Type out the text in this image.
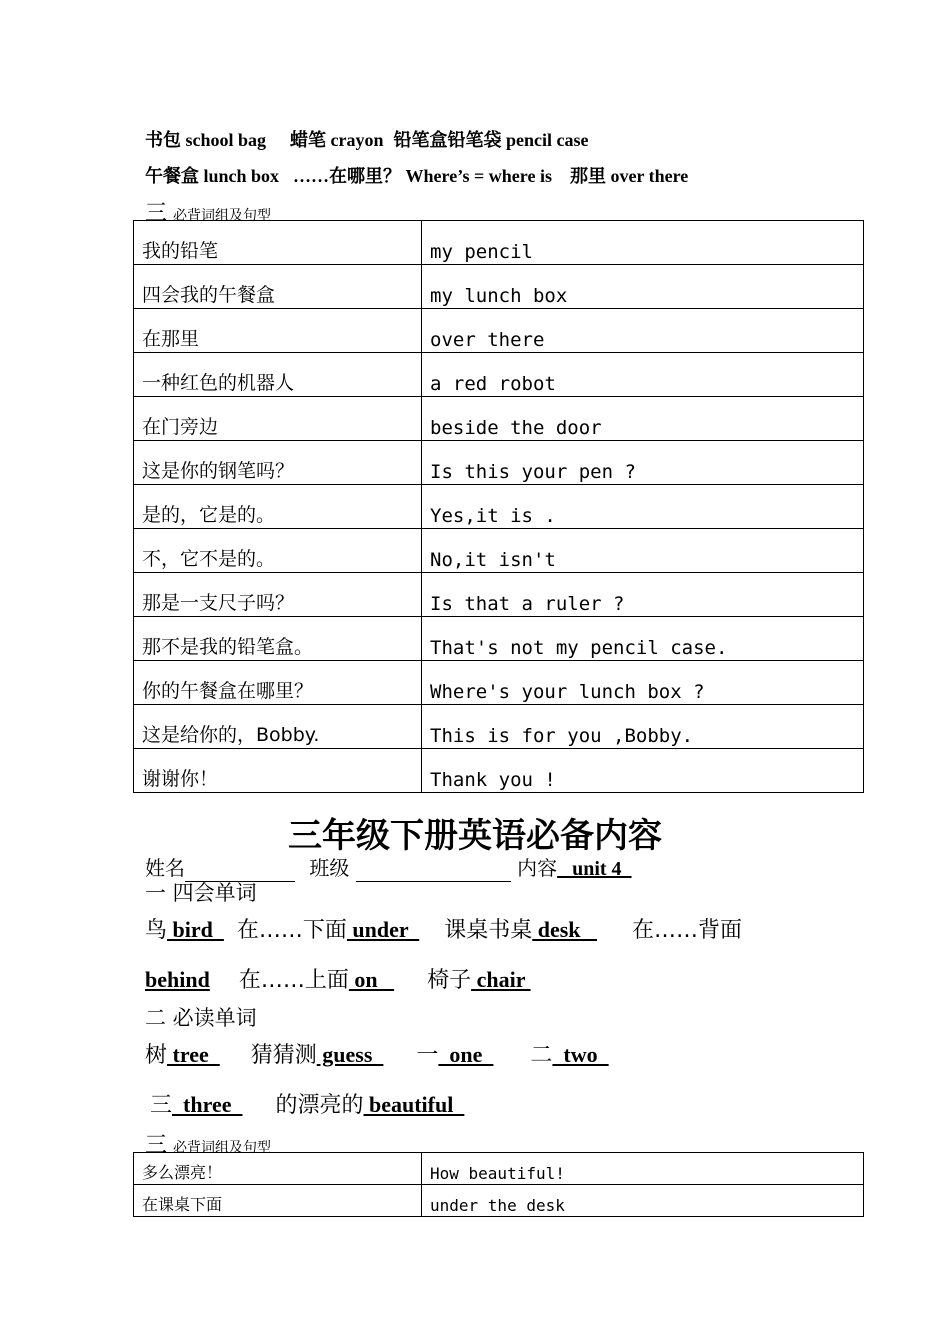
书包 school bag 蜡笔 crayon 铅笔盒铅笔袋 pencil case
午餐盒 lunch box ……在哪里？ Where’s = where is 那里 over there
三必背词组及句型
我的铅笔	my pencil
四会我的午餐盒	my lunch box
在那里	over there
一种红色的机器人	a red robot
在门旁边	beside the door
这是你的钢笔吗？	Is this your pen ?
是的，它是的。	Yes,it is .
不，它不是的。	No,it isn't
那是一支尺子吗？	Is that a ruler ?
那不是我的铅笔盒。	That's not my pencil case.
你的午餐盒在哪里？	Where's your lunch box ?
这是给你的，Bobby.	This is for you ,Bobby.
谢谢你！	Thank you !
三年级下册英语必备内容
姓名	班级	内容   unit 4
一 四会单词
鸟 bird   在……下面 under   课桌书桌 desk    在……背面
behind 在……上面 on    椅子 chair
二 必读单词
树 tree   猜猜测 guess   一  one   二  two
三  three   的漂亮的 beautiful
三必背词组及句型
多么漂亮！	How beautiful!
在课桌下面	under the desk
